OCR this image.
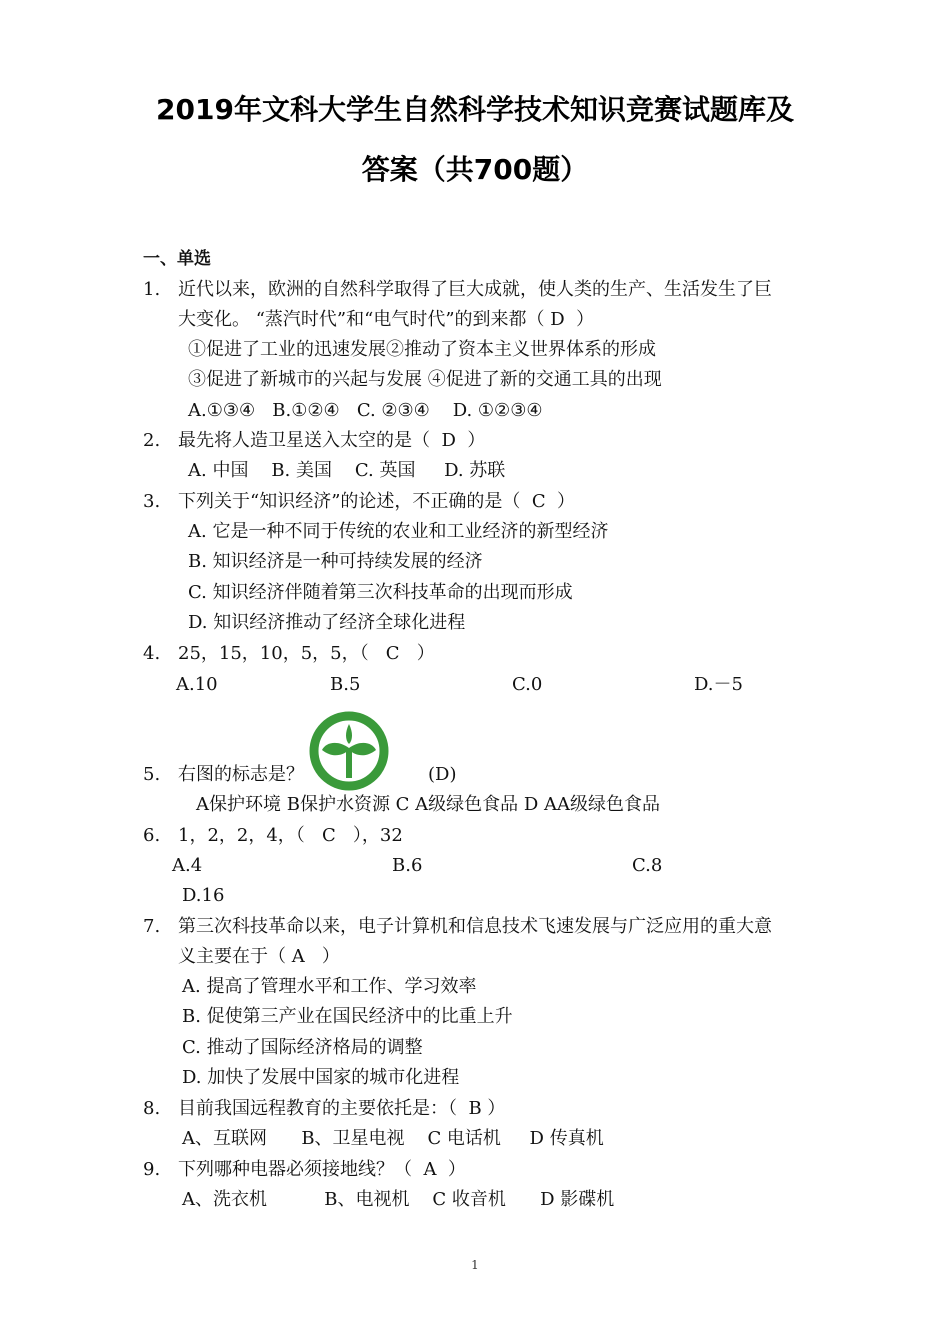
2019年文科大学生自然科学技术知识竞赛试题库及
答案（共700题）
一、单选
1. 近代以来，欧洲的自然科学取得了巨大成就，使人类的生产、生活发生了巨
大变化。 “蒸汽时代”和“电气时代”的到来都（ D  ）
①促进了工业的迅速发展②推动了资本主义世界体系的形成
③促进了新城市的兴起与发展 ④促进了新的交通工具的出现
A.①③④   B.①②④   C. ②③④    D. ①②③④
2. 最先将人造卫星送入太空的是（  D  ）
A. 中国    B. 美国    C. 英国     D. 苏联
3. 下列关于“知识经济”的论述，不正确的是（  C  ）
A. 它是一种不同于传统的农业和工业经济的新型经济
B. 知识经济是一种可持续发展的经济
C. 知识经济伴随着第三次科技革命的出现而形成
D. 知识经济推动了经济全球化进程
4. 25，15，10，5，5，（   C   ）
A.10	B.5	C.0	D.－5
5. 右图的标志是？	(D)
A保护环境 B保护水资源 C A级绿色食品 D AA级绿色食品
6. 1，2，2，4，（   C   ），32
A.4	B.6	C.8
D.16
7. 第三次科技革命以来，电子计算机和信息技术飞速发展与广泛应用的重大意
义主要在于（ A   ）
A. 提高了管理水平和工作、学习效率
B. 促使第三产业在国民经济中的比重上升
C. 推动了国际经济格局的调整
D. 加快了发展中国家的城市化进程
8. 目前我国远程教育的主要依托是：（  B ）
A、互联网      B、卫星电视    C 电话机     D 传真机
9. 下列哪种电器必须接地线？（  A  ）
A、洗衣机          B、电视机    C 收音机      D 影碟机
1
